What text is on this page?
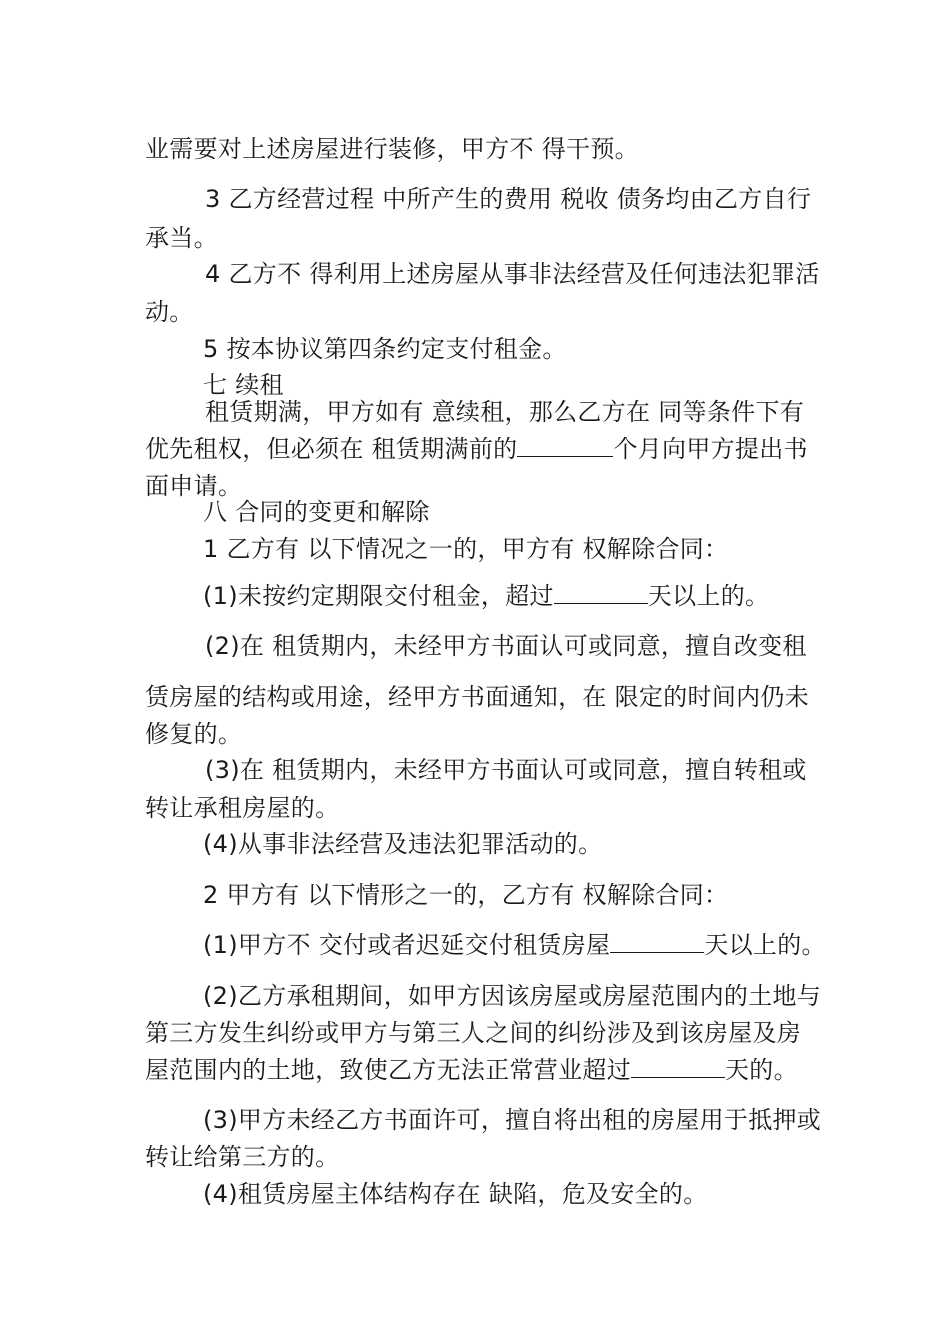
业需要对上述房屋进行装修，甲方不 得干预。
3 乙方经营过程 中所产生的费用 税收 债务均由乙方自行
承当。
4 乙方不 得利用上述房屋从事非法经营及任何违法犯罪活
动。
5 按本协议第四条约定支付租金。
七 续租
租赁期满，甲方如有 意续租，那么乙方在 同等条件下有
优先租权，但必须在 租赁期满前的	个月向甲方提出书
面申请。
八 合同的变更和解除
1 乙方有 以下情况之一的，甲方有 权解除合同：
(1)未按约定期限交付租金，超过	天以上的。
(2)在 租赁期内，未经甲方书面认可或同意，擅自改变租
赁房屋的结构或用途，经甲方书面通知，在 限定的时间内仍未
修复的。
(3)在 租赁期内，未经甲方书面认可或同意，擅自转租或
转让承租房屋的。
(4)从事非法经营及违法犯罪活动的。
2 甲方有 以下情形之一的，乙方有 权解除合同：
(1)甲方不 交付或者迟延交付租赁房屋	天以上的。
(2)乙方承租期间，如甲方因该房屋或房屋范围内的土地与
第三方发生纠纷或甲方与第三人之间的纠纷涉及到该房屋及房
屋范围内的土地，致使乙方无法正常营业超过	天的。
(3)甲方未经乙方书面许可，擅自将出租的房屋用于抵押或
转让给第三方的。
(4)租赁房屋主体结构存在 缺陷，危及安全的。
